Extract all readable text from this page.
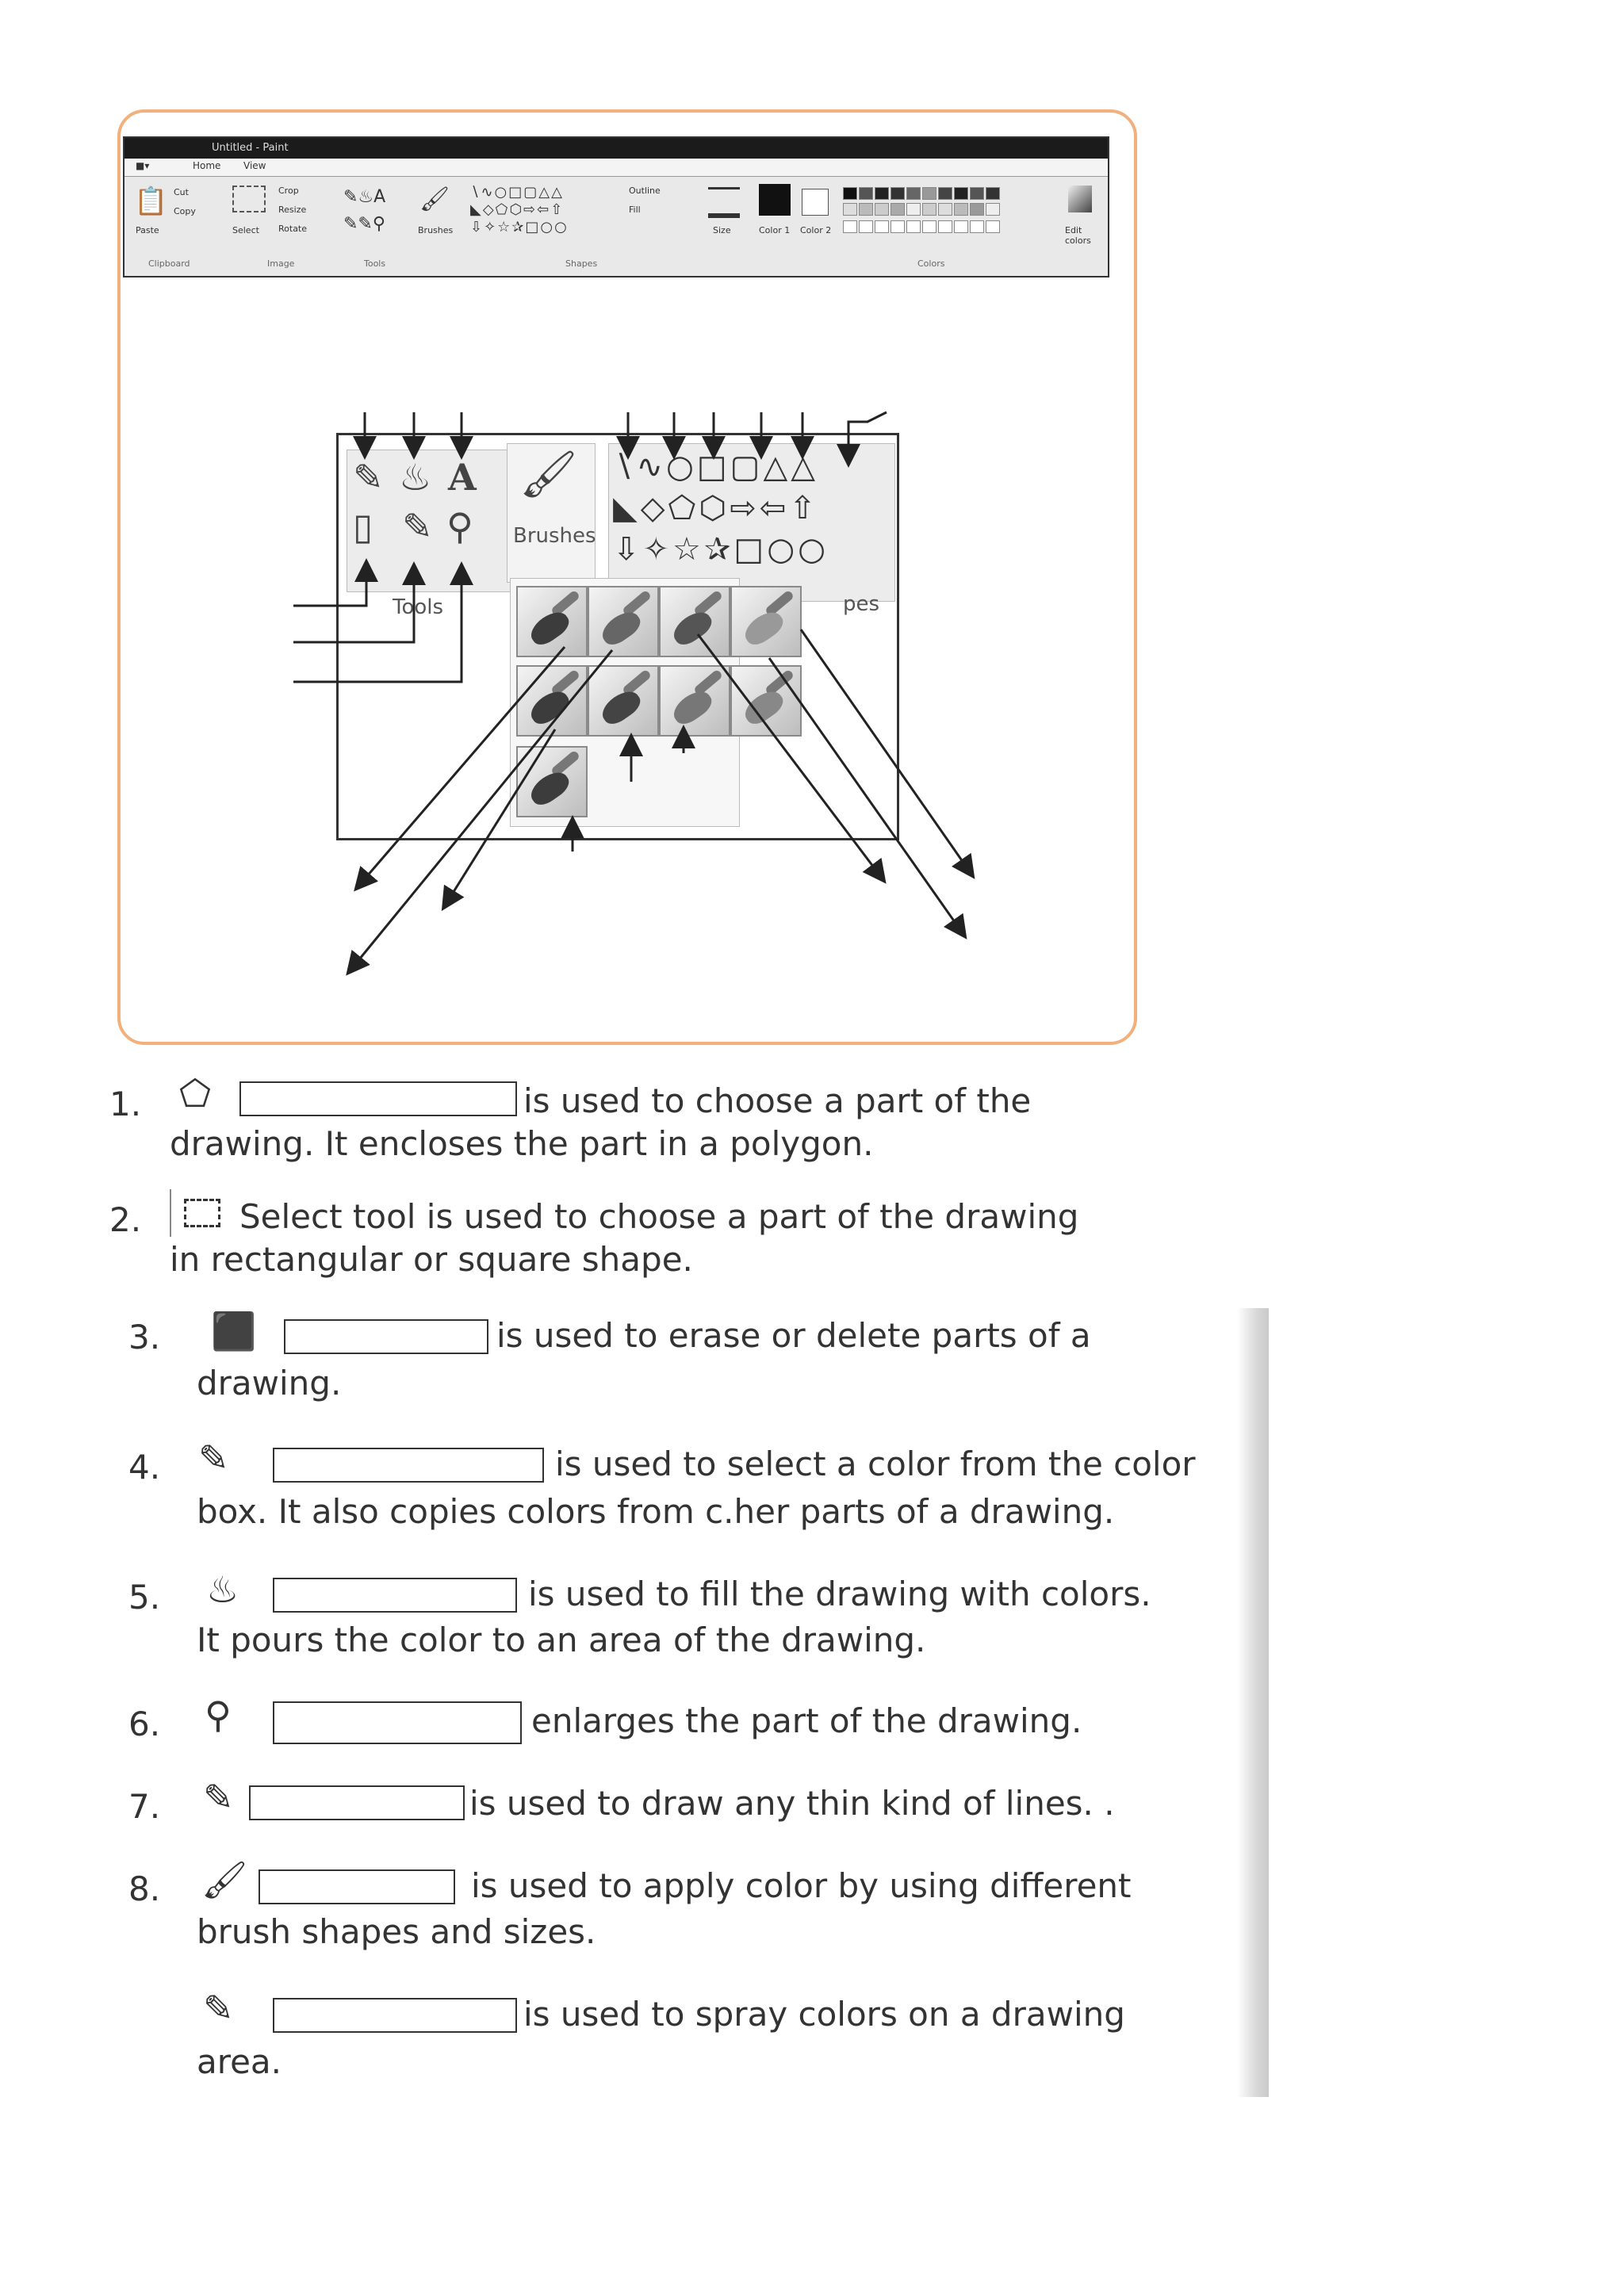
Untitled - Paint
■▾	Home View
📋
Paste
Cut
Copy
Select
Crop
Resize
Rotate
✎♨A
✎✎⚲
🖌
Brushes
∖∿○□▢△△
◣◇⬠⬡⇨⇦⇧
⇩✧☆✰□○○
Outline
Fill
Size	Color 1 Color 2	Edit colors
Clipboard	Image	Tools	Shapes	Colors
✎ ♨ A
▯ ✎ ⚲
Tools
🖌
Brushes
∖∿○□▢△△
◣◇⬠⬡⇨⇦⇧
⇩✧☆✰□○○
pes
1. ⬠	is used to choose a part of the
drawing. It encloses the part in a polygon.
2.	Select tool is used to choose a part of the drawing
in rectangular or square shape.
3. ⬛	is used to erase or delete parts of a
drawing.
4. ✎	is used to select a color from the color
box. It also copies colors from c.her parts of a drawing.
5. ♨	is used to fill the drawing with colors.
It pours the color to an area of the drawing.
6. ⚲	enlarges the part of the drawing.
7. ✎	is used to draw any thin kind of lines. .
8. 🖌	is used to apply color by using different
brush shapes and sizes.
✎	is used to spray colors on a drawing
area.
